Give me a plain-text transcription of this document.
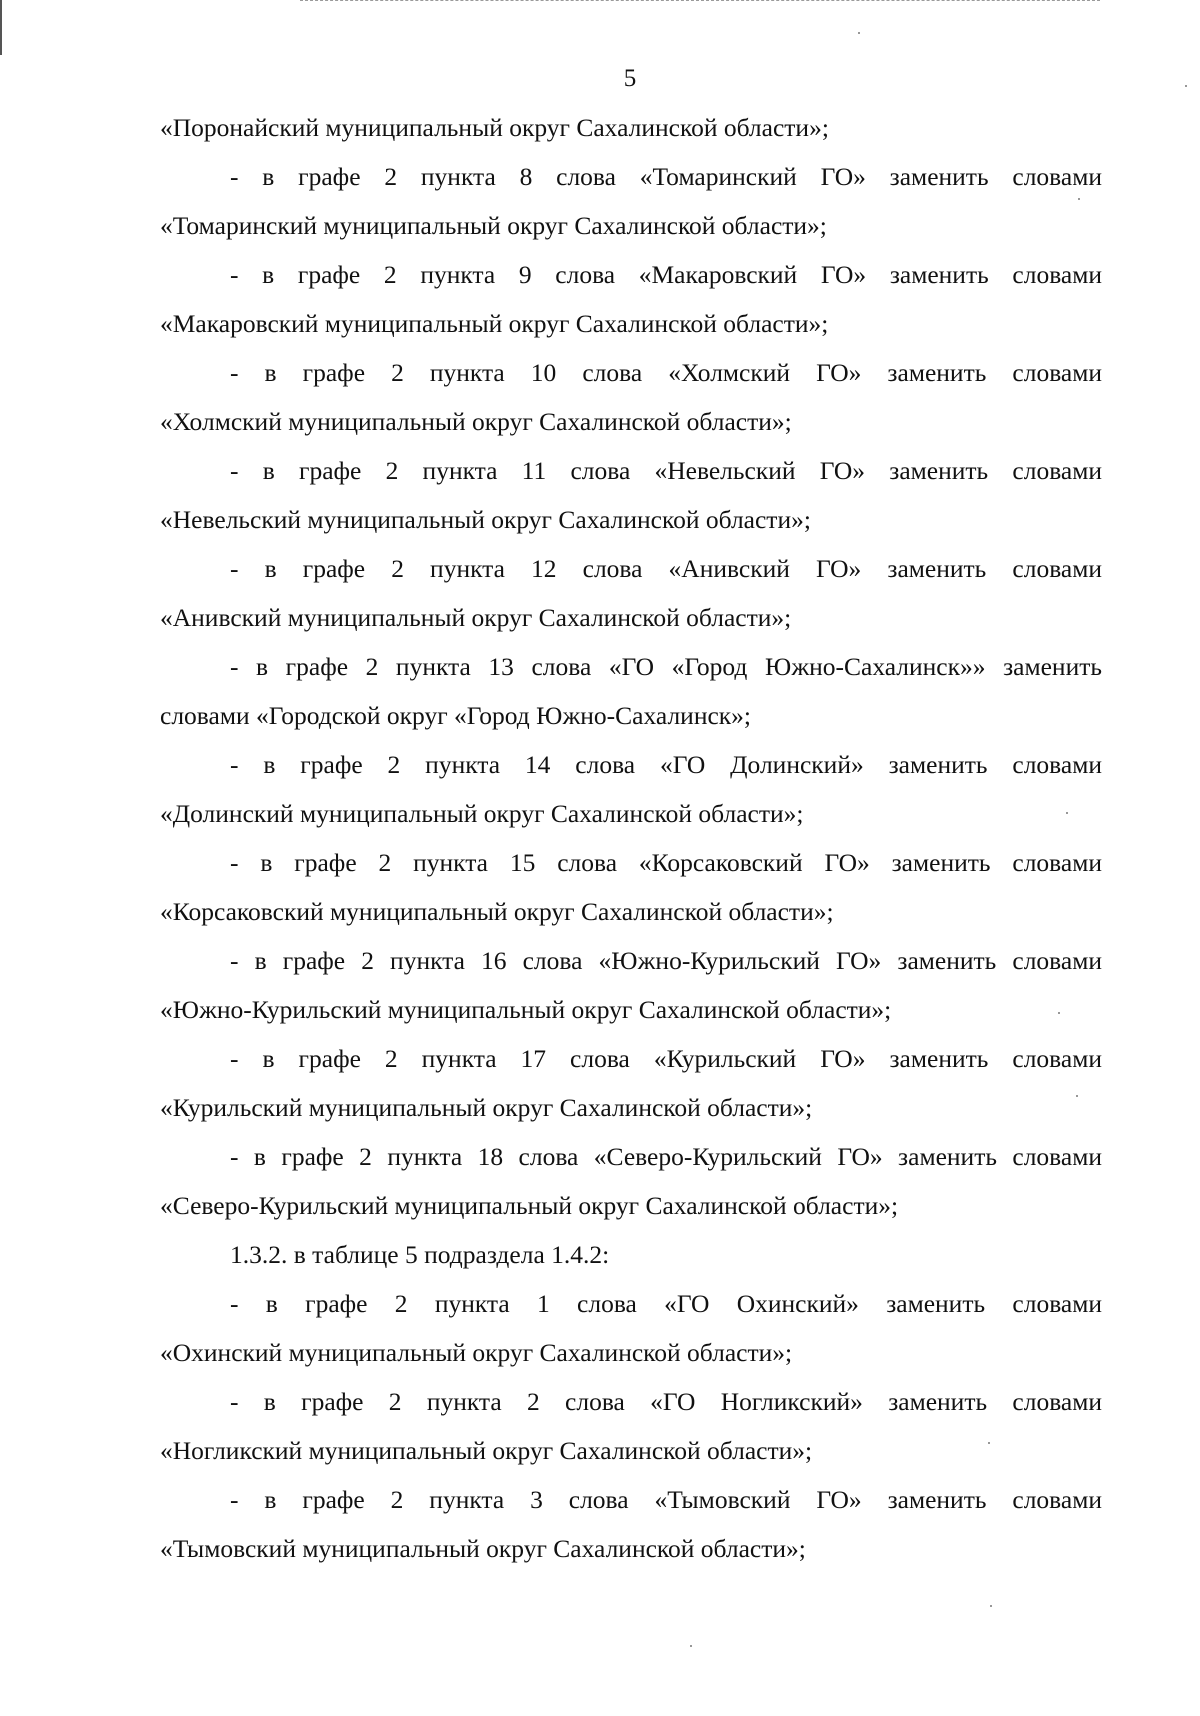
5
«Поронайский муниципальный округ Сахалинской области»;
- в графе 2 пункта 8 слова «Томаринский ГО» заменить словами
«Томаринский муниципальный округ Сахалинской области»;
- в графе 2 пункта 9 слова «Макаровский ГО» заменить словами
«Макаровский муниципальный округ Сахалинской области»;
- в графе 2 пункта 10 слова «Холмский ГО» заменить словами
«Холмский муниципальный округ Сахалинской области»;
- в графе 2 пункта 11 слова «Невельский ГО» заменить словами
«Невельский муниципальный округ Сахалинской области»;
- в графе 2 пункта 12 слова «Анивский ГО» заменить словами
«Анивский муниципальный округ Сахалинской области»;
- в графе 2 пункта 13 слова «ГО «Город Южно-Сахалинск»» заменить
словами «Городской округ «Город Южно-Сахалинск»;
- в графе 2 пункта 14 слова «ГО Долинский» заменить словами
«Долинский муниципальный округ Сахалинской области»;
- в графе 2 пункта 15 слова «Корсаковский ГО» заменить словами
«Корсаковский муниципальный округ Сахалинской области»;
- в графе 2 пункта 16 слова «Южно-Курильский ГО» заменить словами
«Южно-Курильский муниципальный округ Сахалинской области»;
- в графе 2 пункта 17 слова «Курильский ГО» заменить словами
«Курильский муниципальный округ Сахалинской области»;
- в графе 2 пункта 18 слова «Северо-Курильский ГО» заменить словами
«Северо-Курильский муниципальный округ Сахалинской области»;
1.3.2. в таблице 5 подраздела 1.4.2:
- в графе 2 пункта 1 слова «ГО Охинский» заменить словами
«Охинский муниципальный округ Сахалинской области»;
- в графе 2 пункта 2 слова «ГО Ногликский» заменить словами
«Ногликский муниципальный округ Сахалинской области»;
- в графе 2 пункта 3 слова «Тымовский ГО» заменить словами
«Тымовский муниципальный округ Сахалинской области»;
